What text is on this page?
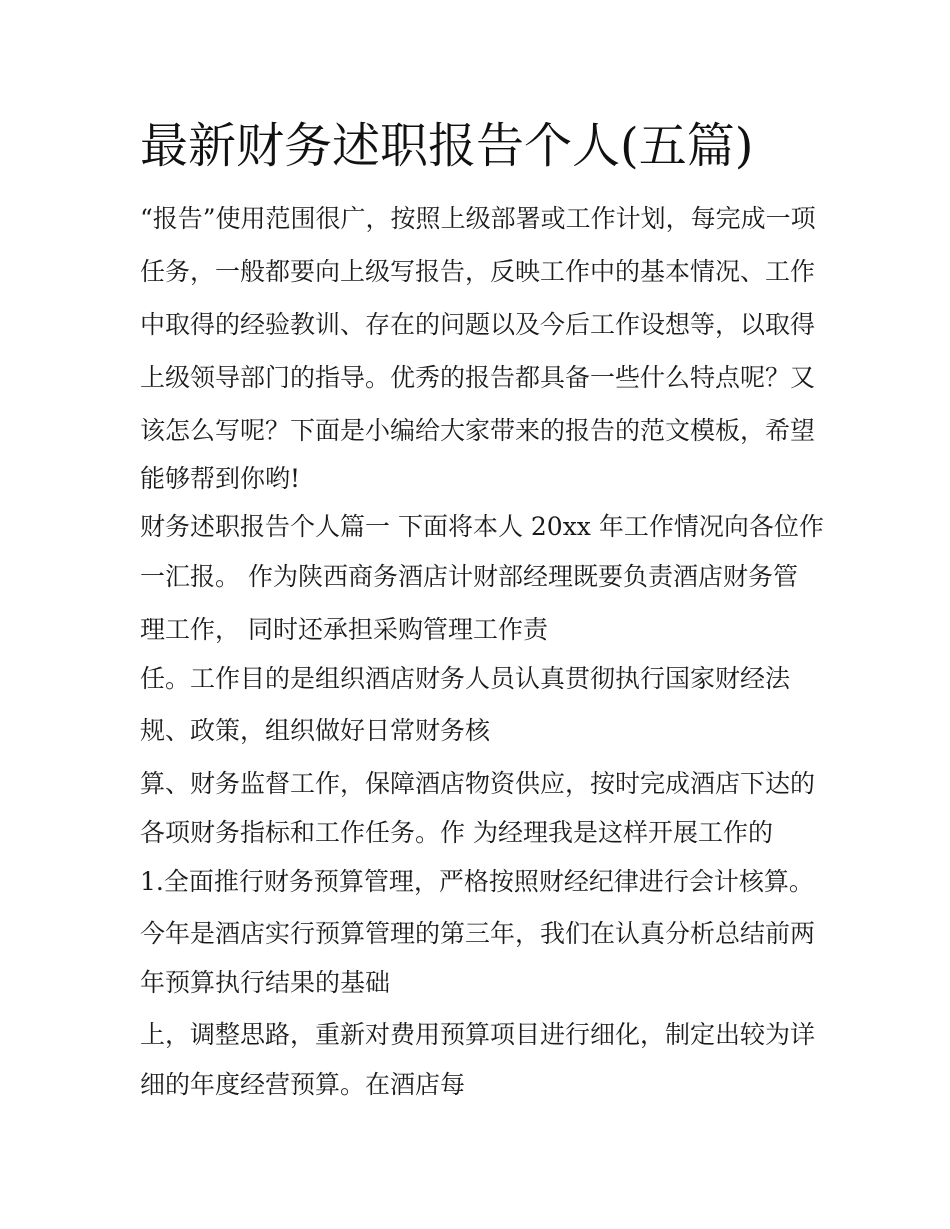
最新财务述职报告个人(五篇)

“报告”使用范围很广，按照上级部署或工作计划，每完成一项

任务，一般都要向上级写报告，反映工作中的基本情况、工作

中取得的经验教训、存在的问题以及今后工作设想等，以取得

上级领导部门的指导。优秀的报告都具备一些什么特点呢？又

该怎么写呢？下面是小编给大家带来的报告的范文模板，希望

能够帮到你哟!

财务述职报告个人篇一 下面将本人 20xx 年工作情况向各位作

一汇报。 作为陕西商务酒店计财部经理既要负责酒店财务管

理工作， 同时还承担采购管理工作责

任。工作目的是组织酒店财务人员认真贯彻执行国家财经法

规、政策，组织做好日常财务核

算、财务监督工作，保障酒店物资供应，按时完成酒店下达的

各项财务指标和工作任务。作 为经理我是这样开展工作的

1.全面推行财务预算管理，严格按照财经纪律进行会计核算。

今年是酒店实行预算管理的第三年，我们在认真分析总结前两

年预算执行结果的基础

上，调整思路，重新对费用预算项目进行细化，制定出较为详

细的年度经营预算。在酒店每
